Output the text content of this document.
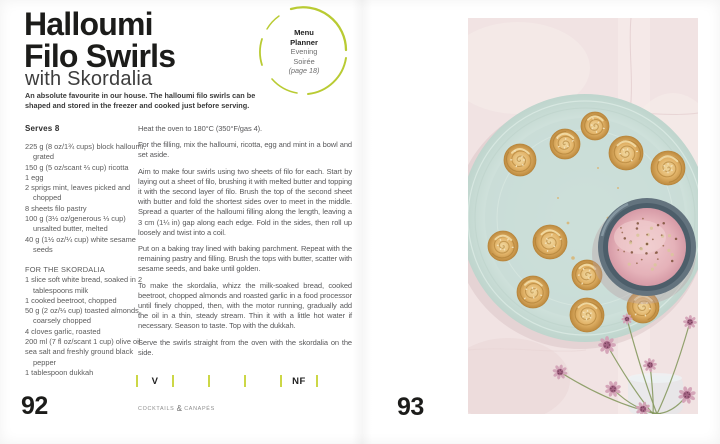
Halloumi
Filo Swirls
with Skordalia

An absolute favourite in our house. The halloumi filo swirls can be shaped and stored in the freezer and cooked just before serving.

Menu
Planner
Evening
Soirée
(page 18)
Serves 8
225 g (8 oz/1¾ cups) block halloumi, grated
150 g (5 oz/scant ⅔ cup) ricotta
1 egg
2 sprigs mint, leaves picked and chopped
8 sheets filo pastry
100 g (3½ oz/generous ⅓ cup) unsalted butter, melted
40 g (1½ oz/¼ cup) white sesame seeds
FOR THE SKORDALIA
1 slice soft white bread, soaked in 2 tablespoons milk
1 cooked beetroot, chopped
50 g (2 oz/⅓ cup) toasted almonds, coarsely chopped
4 cloves garlic, roasted
200 ml (7 fl oz/scant 1 cup) olive oil
sea salt and freshly ground black pepper
1 tablespoon dukkah

Heat the oven to 180°C (350°F/gas 4).

For the filling, mix the halloumi, ricotta, egg and mint in a bowl and set aside.

Aim to make four swirls using two sheets of filo for each. Start by laying out a sheet of filo, brushing it with melted butter and topping it with the second layer of filo. Brush the top of the second sheet with butter and fold the shortest sides over to meet in the middle. Spread a quarter of the halloumi filling along the length, leaving a 3 cm (1¼ in) gap along each edge. Fold in the sides, then roll up loosely and twist into a coil.

Put on a baking tray lined with baking parchment. Repeat with the remaining pastry and filling. Brush the tops with butter, scatter with sesame seeds, and bake until golden.

To make the skordalia, whizz the milk-soaked bread, cooked beetroot, chopped almonds and roasted garlic in a food processor until finely chopped, then, with the motor running, gradually add the oil in a thin, steady stream. Thin it with a little hot water if necessary. Season to taste. Top with the dukkah.

Serve the swirls straight from the oven with the skordalia on the side.

V	NF
COCKTAILS & CANAPÉS
92	93
